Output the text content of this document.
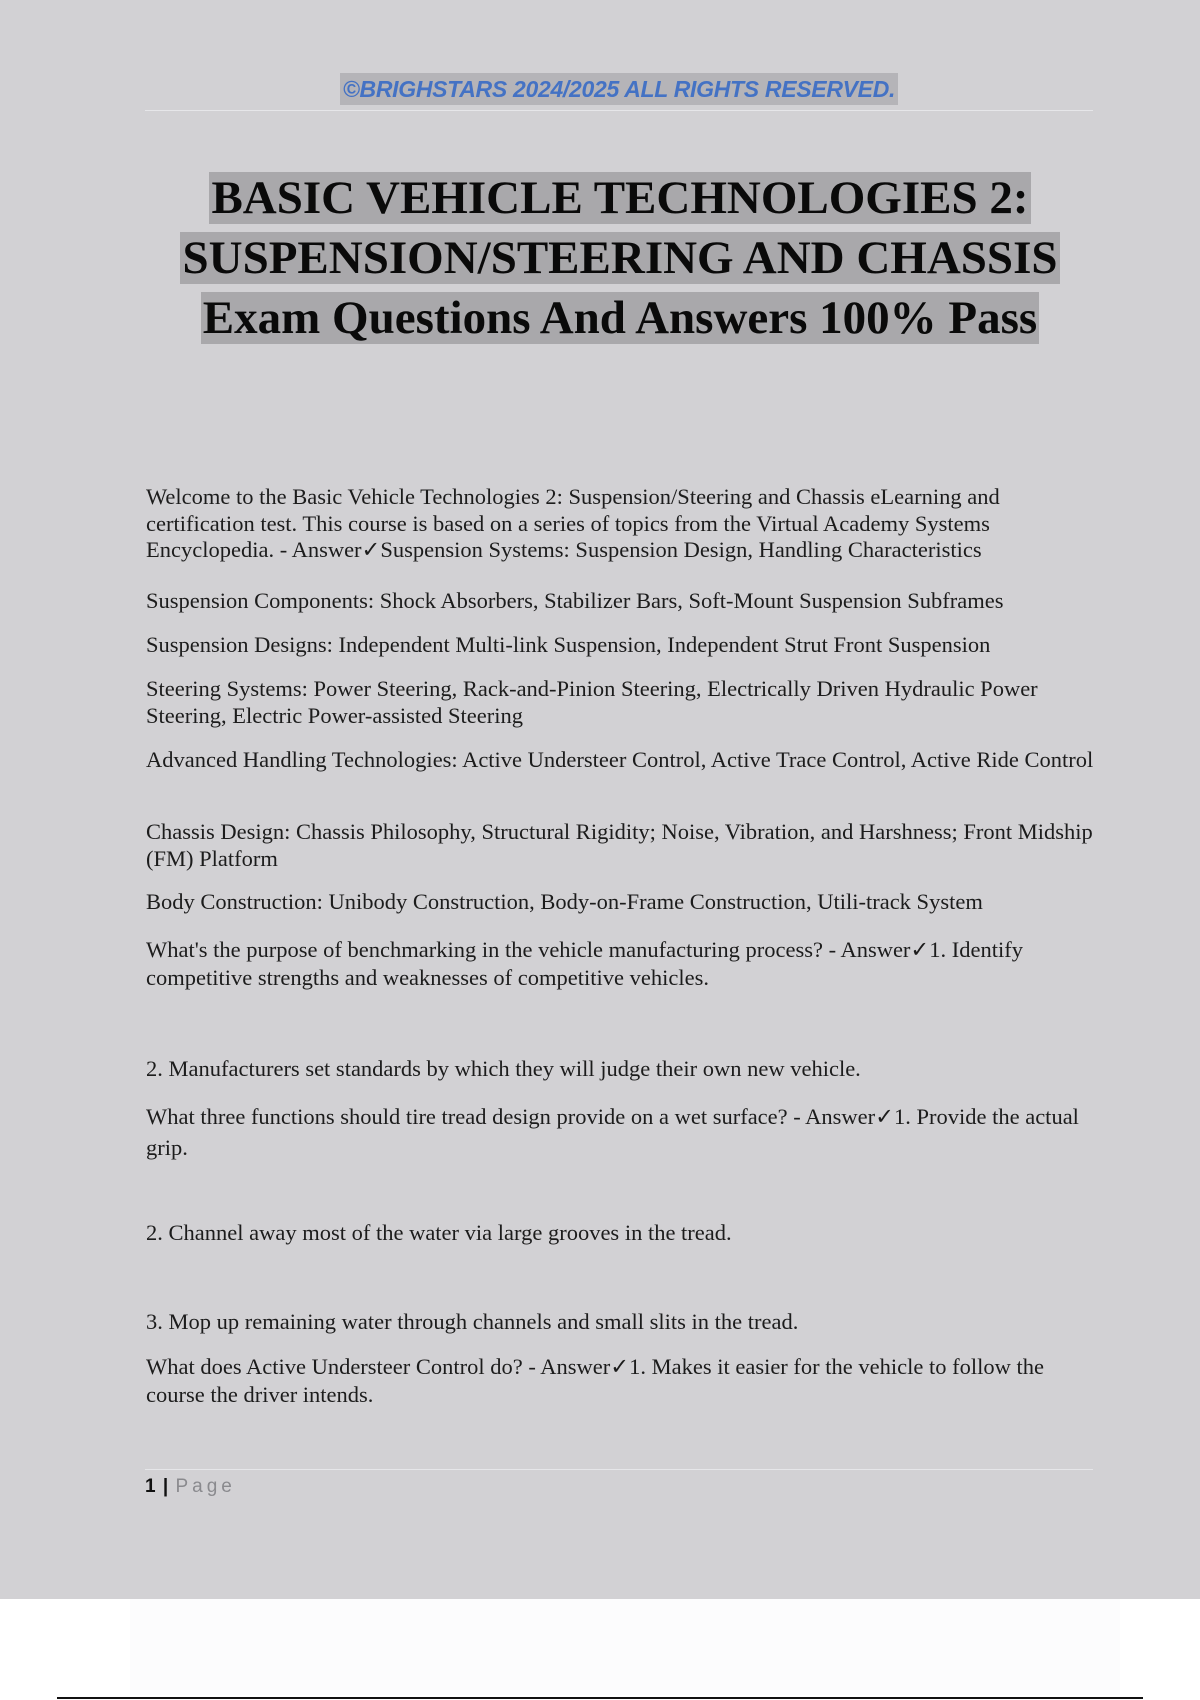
©BRIGHSTARS 2024/2025 ALL RIGHTS RESERVED.
BASIC VEHICLE TECHNOLOGIES 2:
SUSPENSION/STEERING AND CHASSIS
Exam Questions And Answers 100% Pass

Welcome to the Basic Vehicle Technologies 2: Suspension/Steering and Chassis eLearning and certification test. This course is based on a series of topics from the Virtual Academy Systems Encyclopedia. - Answer✓Suspension Systems: Suspension Design, Handling Characteristics

Suspension Components: Shock Absorbers, Stabilizer Bars, Soft-Mount Suspension Subframes

Suspension Designs: Independent Multi-link Suspension, Independent Strut Front Suspension

Steering Systems: Power Steering, Rack-and-Pinion Steering, Electrically Driven Hydraulic Power Steering, Electric Power-assisted Steering

Advanced Handling Technologies: Active Understeer Control, Active Trace Control, Active Ride Control

Chassis Design: Chassis Philosophy, Structural Rigidity; Noise, Vibration, and Harshness; Front Midship (FM) Platform

Body Construction: Unibody Construction, Body-on-Frame Construction, Utili-track System

What's the purpose of benchmarking in the vehicle manufacturing process? - Answer✓1. Identify competitive strengths and weaknesses of competitive vehicles.

2. Manufacturers set standards by which they will judge their own new vehicle.

What three functions should tire tread design provide on a wet surface? - Answer✓1. Provide the actual grip.

2. Channel away most of the water via large grooves in the tread.

3. Mop up remaining water through channels and small slits in the tread.

What does Active Understeer Control do? - Answer✓1. Makes it easier for the vehicle to follow the course the driver intends.

1 | Page
